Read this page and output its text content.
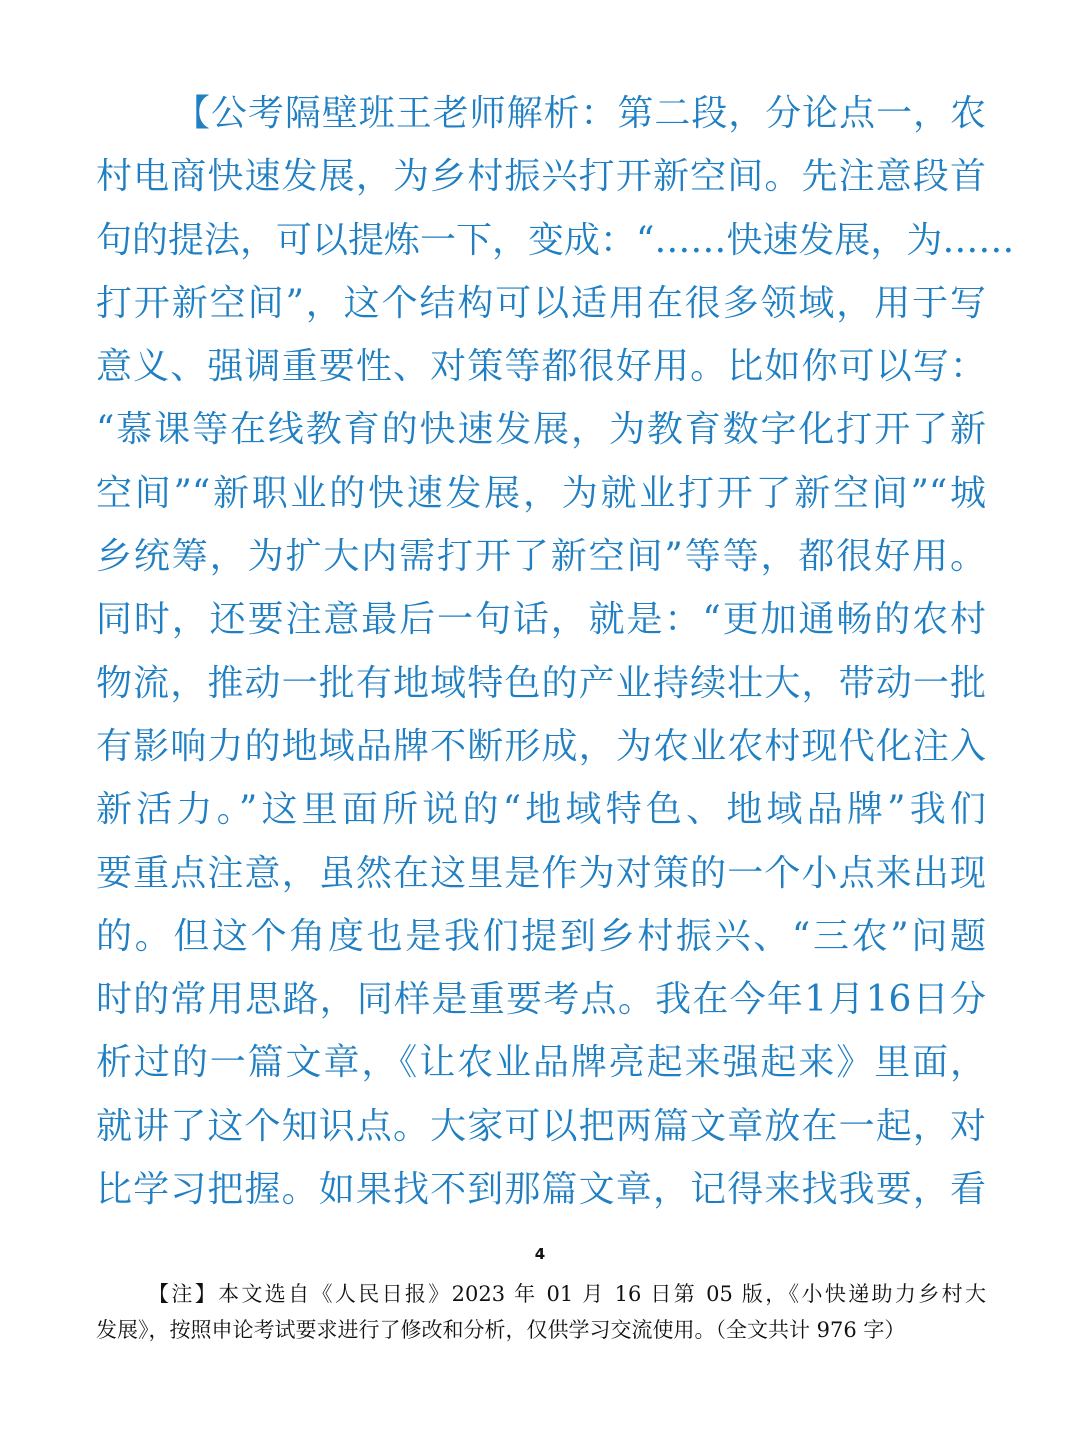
【公考隔壁班王老师解析：第二段，分论点一，农
村电商快速发展，为乡村振兴打开新空间。先注意段首
句的提法，可以提炼一下，变成：“……快速发展，为……
打开新空间”，这个结构可以适用在很多领域，用于写
意义、强调重要性、对策等都很好用。比如你可以写：
“慕课等在线教育的快速发展，为教育数字化打开了新
空间”“新职业的快速发展，为就业打开了新空间”“城
乡统筹，为扩大内需打开了新空间”等等，都很好用。
同时，还要注意最后一句话，就是：“更加通畅的农村
物流，推动一批有地域特色的产业持续壮大，带动一批
有影响力的地域品牌不断形成，为农业农村现代化注入
新活力。”这里面所说的“地域特色、地域品牌”我们
要重点注意，虽然在这里是作为对策的一个小点来出现
的。但这个角度也是我们提到乡村振兴、“三农”问题
时的常用思路，同样是重要考点。我在今年1月16日分
析过的一篇文章，《让农业品牌亮起来强起来》里面，
就讲了这个知识点。大家可以把两篇文章放在一起，对
比学习把握。如果找不到那篇文章，记得来找我要，看
4
【注】本文选自《人民日报》2023 年 01 月 16 日第 05 版，《小快递助力乡村大
发展》，按照申论考试要求进行了修改和分析，仅供学习交流使用。（全文共计 976 字）
